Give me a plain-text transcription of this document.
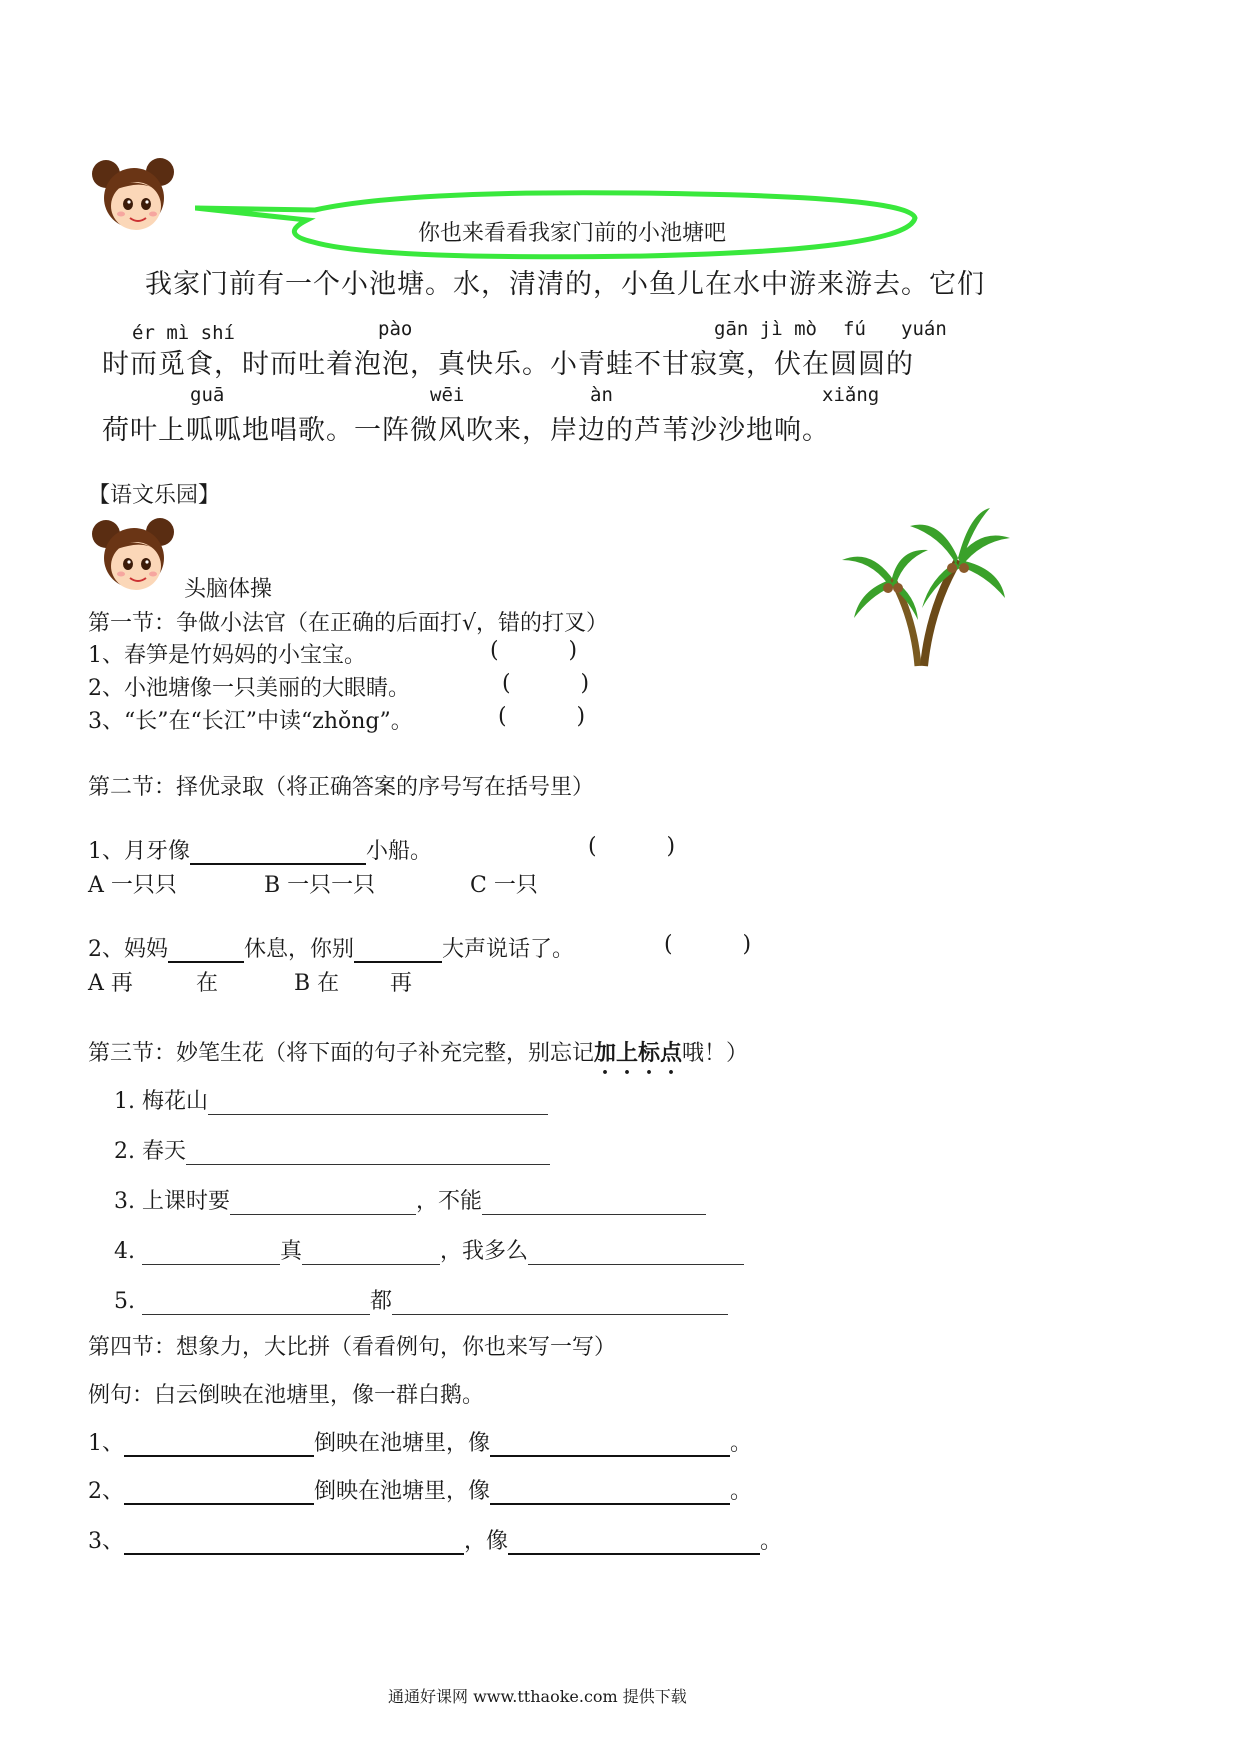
你也来看看我家门前的小池塘吧
我家门前有一个小池塘。水，清清的，小鱼儿在水中游来游去。它们
ér mì shí	pào	gān jì mò fú yuán
时而觅食，时而吐着泡泡，真快乐。小青蛙不甘寂寞，伏在圆圆的
guā	wēi	àn	xiǎng
荷叶上呱呱地唱歌。一阵微风吹来，岸边的芦苇沙沙地响。
【语文乐园】
头脑体操
第一节：争做小法官（在正确的后面打√，错的打叉）
1、春笋是竹妈妈的小宝宝。	(          )
2、小池塘像一只美丽的大眼睛。	(          )
3、“长”在“长江”中读“zhǒng”。	(          )
第二节：择优录取（将正确答案的序号写在括号里）
1、月牙像	小船。	(          )
A 一只只	B 一只一只	C 一只
2、妈妈	休息，你别	大声说话了。	(          )
A 再	在	B 在 再
第三节：妙笔生花（将下面的句子补充完整，别忘记加上标点哦！）
1. 梅花山
2. 春天
3. 上课时要	，不能
4.	真	，我多么
5.	都
第四节：想象力，大比拼（看看例句，你也来写一写）
例句：白云倒映在池塘里，像一群白鹅。
1、	倒映在池塘里，像	。
2、	倒映在池塘里，像	。
3、	，像	。
通通好课网 www.tthaoke.com 提供下载
